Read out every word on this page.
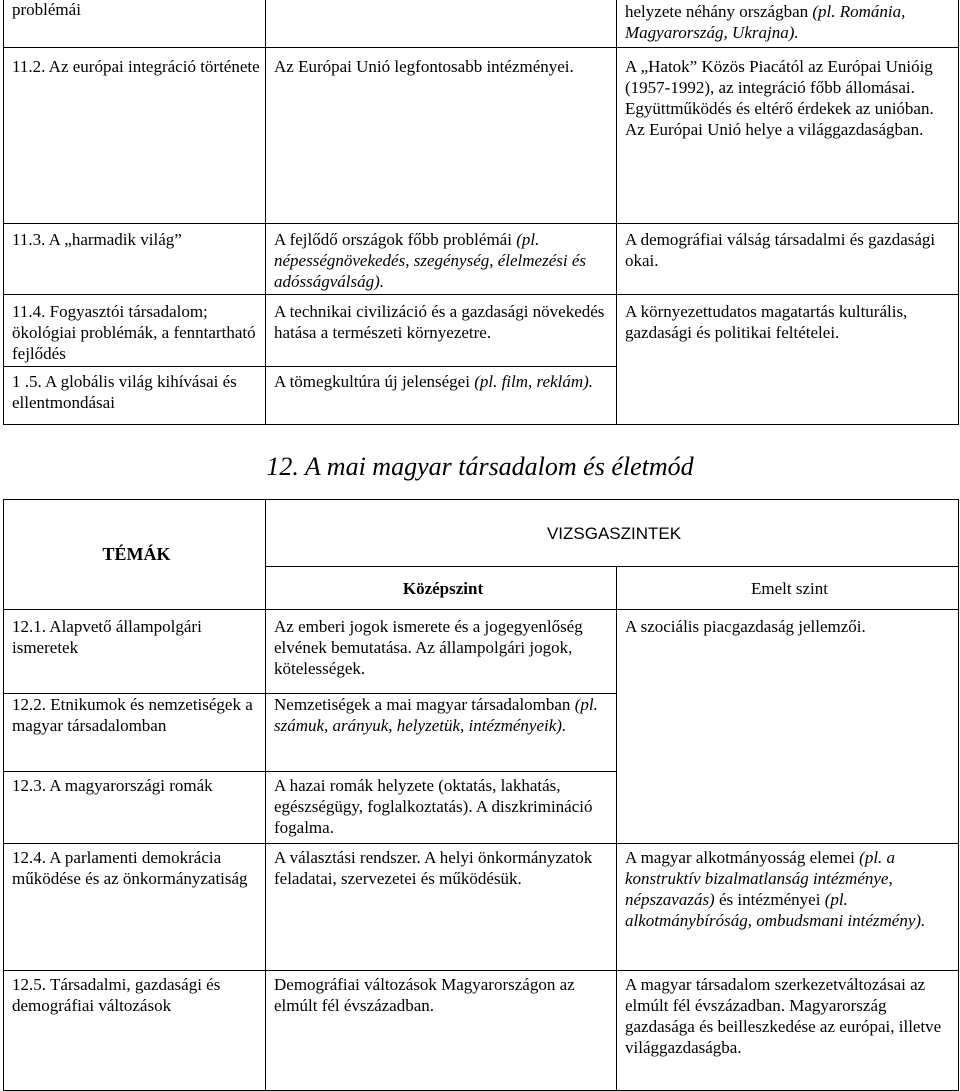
problémái		helyzete néhány országban (pl. Románia, Magyarország, Ukrajna).
11.2. Az európai integráció története	Az Európai Unió legfontosabb intézményei.	A „Hatok” Közös Piacától az Európai Unióig (1957-1992), az integráció főbb állomásai. Együttműködés és eltérő érdekek az unióban. Az Európai Unió helye a világgazdaságban.
11.3. A „harmadik világ”	A fejlődő országok főbb problémái (pl. népességnövekedés, szegénység, élelmezési és adósságválság).	A demográfiai válság társadalmi és gazdasági okai.
11.4. Fogyasztói társadalom; ökológiai problémák, a fenntartható fejlődés	A technikai civilizáció és a gazdasági növekedés hatása a természeti környezetre.	A környezettudatos magatartás kulturális, gazdasági és politikai feltételei.
1 .5. A globális világ kihívásai és ellentmondásai	A tömegkultúra új jelenségei (pl. film, reklám).	
12. A mai magyar társadalom és életmód
TÉMÁK	VIZSGASZINTEK	
	Középszint	Emelt szint
12.1. Alapvető állampolgári ismeretek	Az emberi jogok ismerete és a jogegyenlőség elvének bemutatása. Az állampolgári jogok, kötelességek.	A szociális piacgazdaság jellemzői.
12.2. Etnikumok és nemzetiségek a magyar társadalomban	Nemzetiségek a mai magyar társadalomban (pl. számuk, arányuk, helyzetük, intézményeik).	
12.3. A magyarországi romák	A hazai romák helyzete (oktatás, lakhatás, egészségügy, foglalkoztatás). A diszkrimináció fogalma.	
12.4. A parlamenti demokrácia működése és az önkormányzatiság	A választási rendszer. A helyi önkormányzatok feladatai, szervezetei és működésük.	A magyar alkotmányosság elemei (pl. a konstruktív bizalmatlanság intézménye, népszavazás) és intézményei (pl. alkotmánybíróság, ombudsmani intézmény).
12.5. Társadalmi, gazdasági és demográfiai változások	Demográfiai változások Magyarországon az elmúlt fél évszázadban.	A magyar társadalom szerkezetváltozásai az elmúlt fél évszázadban. Magyarország gazdasága és beilleszkedése az európai, illetve világgazdaságba.
